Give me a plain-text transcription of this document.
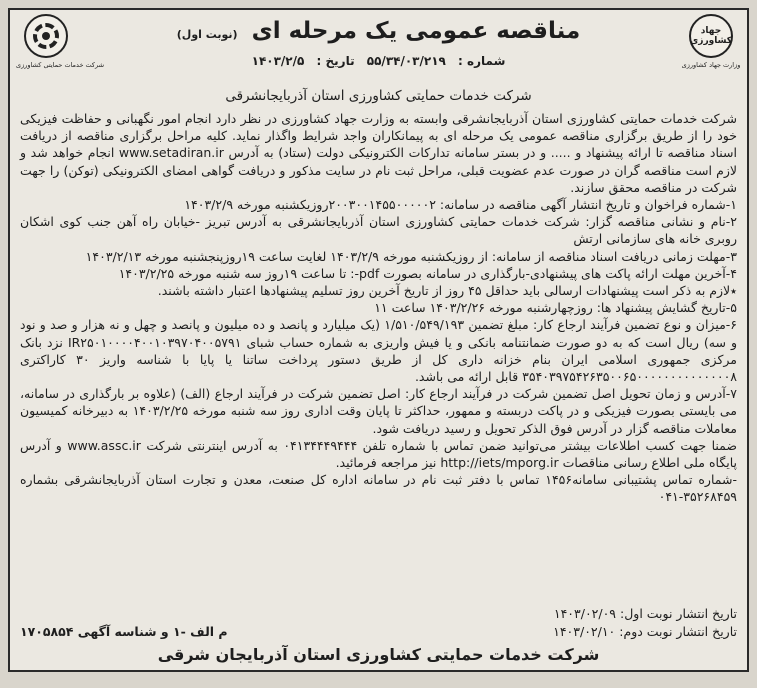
جهاد
کشاورزی
وزارت جهاد کشاورزی
شرکت خدمات حمایتی کشاورزی
مناقصه عمومی یک مرحله ای (نوبت اول)
شماره : ۵۵/۳۴/۰۳/۲۱۹ تاریخ : ۱۴۰۳/۲/۵
شرکت خدمات حمایتی کشاورزی استان آذربایجانشرقی

شرکت خدمات حمایتی کشاورزی استان آذربایجانشرقی وابسته به وزارت جهاد کشاورزی در نظر دارد انجام امور نگهبانی و حفاظت فیزیکی خود را از طریق برگزاری مناقصه عمومی یک مرحله ای به پیمانکاران واجد شرایط واگذار نماید. کلیه مراحل برگزاری مناقصه از دریافت اسناد مناقصه تا ارائه پیشنهاد و ..... و در بستر سامانه تدارکات الکترونیکی دولت (ستاد) به آدرس www.setadiran.ir انجام خواهد شد و لازم است مناقصه گران در صورت عدم عضویت قبلی، مراحل ثبت نام در سایت مذکور و دریافت گواهی امضای الکترونیکی (توکن) را جهت شرکت در مناقصه محقق سازند.

۱-شماره فراخوان و تاریخ انتشار آگهی مناقصه در سامانه: ۲۰۰۳۰۰۱۴۵۵۰۰۰۰۰۲روزیکشنبه مورخه ۱۴۰۳/۲/۹

۲-نام و نشانی مناقصه گزار: شرکت خدمات حمایتی کشاورزی استان آذربایجانشرقی به آدرس تبریز -خیابان راه آهن جنب کوی اشکان روبری خانه های سازمانی ارتش

۳-مهلت زمانی دریافت اسناد مناقصه از سامانه: از روزیکشنبه مورخه ۱۴۰۳/۲/۹ لغایت ساعت ۱۹روزپنجشنبه مورخه ۱۴۰۳/۲/۱۳

۴-آخرین مهلت ارائه پاکت های پیشنهادی-بارگذاری در سامانه بصورت pdf-: تا ساعت ۱۹روز سه شنبه مورخه ۱۴۰۳/۲/۲۵

٭لازم به ذکر است پیشنهادات ارسالی باید حداقل ۴۵ روز از تاریخ آخرین روز تسلیم پیشنهادها اعتبار داشته باشند.

۵-تاریخ گشایش پیشنهاد ها: روزچهارشنبه مورخه ۱۴۰۳/۲/۲۶ ساعت ۱۱

۶-میزان و نوع تضمین فرآیند ارجاع کار: مبلغ تضمین ۱/۵۱۰/۵۴۹/۱۹۳ (یک میلیارد و پانصد و ده میلیون و پانصد و چهل و نه هزار و صد و نود و سه) ریال است که به دو صورت ضمانتنامه بانکی و یا فیش واریزی به شماره حساب شبای IR۲۵۰۱۰۰۰۰۴۰۰۱۰۳۹۷۰۴۰۰۵۷۹۱ نزد بانک مرکزی جمهوری اسلامی ایران بنام خزانه داری کل از طریق دستور پرداخت ساتنا یا پایا با شناسه واریز ۳۰ کاراکتری ۳۵۴۰۳۹۷۵۴۲۶۳۵۰۰۶۵۰۰۰۰۰۰۰۰۰۰۰۰۰۰۸ قابل ارائه می باشد.

۷-آدرس و زمان تحویل اصل تضمین شرکت در فرآیند ارجاع کار: اصل تضمین شرکت در فرآیند ارجاع (الف) (علاوه بر بارگذاری در سامانه، می بایستی بصورت فیزیکی و در پاکت دربسته و ممهور، حداکثر تا پایان وقت اداری روز سه شنبه مورخه ۱۴۰۳/۲/۲۵ به دبیرخانه کمیسیون معاملات مناقصه گزار در آدرس فوق الذکر تحویل و رسید دریافت شود.

ضمنا جهت کسب اطلاعات بیشتر می‌توانید ضمن تماس با شماره تلفن ۰۴۱۳۴۴۴۹۴۴۴ به آدرس اینترنتی شرکت www.assc.ir و آدرس پایگاه ملی اطلاع رسانی مناقصات http://iets/mporg.ir نیز مراجعه فرمائید.

-شماره تماس پشتیبانی سامانه۱۴۵۶ تماس با دفتر ثبت نام در سامانه اداره کل صنعت، معدن و تجارت استان آذربایجانشرقی بشماره ۳۵۲۶۸۴۵۹-۰۴۱

تاریخ انتشار نوبت اول: ۱۴۰۳/۰۲/۰۹
تاریخ انتشار نوبت دوم: ۱۴۰۳/۰۲/۱۰
م الف -۱ و شناسه آگهی ۱۷۰۵۸۵۴
شرکت خدمات حمایتی کشاورزی استان آذربایجان شرقی
